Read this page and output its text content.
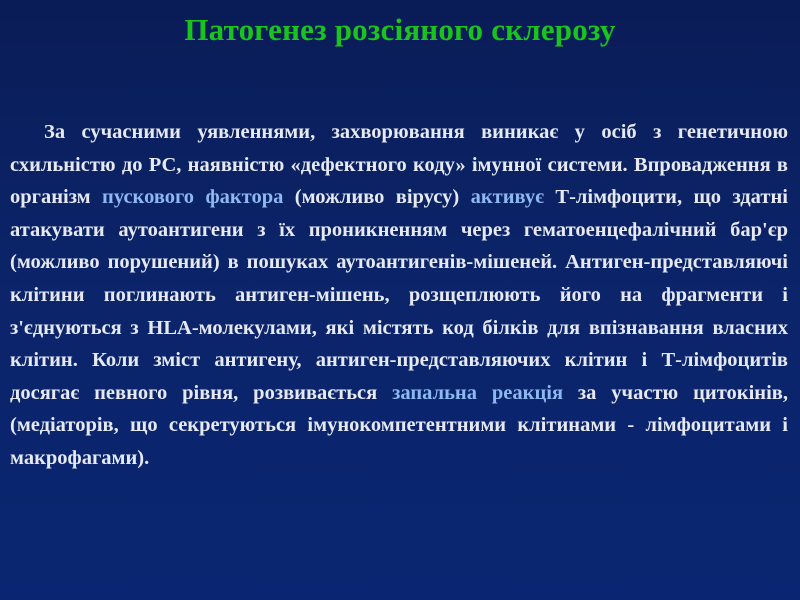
Патогенез розсіяного склерозу

За сучасними уявленнями, захворювання виникає у осіб з генетичною схильністю до РС, наявністю «дефектного коду» імунної системи. Впровадження в організм пускового фактора (можливо вірусу) активує Т-лімфоцити, що здатні атакувати аутоантигени з їх проникненням через гематоенцефалічний бар'єр (можливо порушений) в пошуках аутоантигенів-мішеней. Антиген-представляючі клітини поглинають антиген-мішень, розщеплюють його на фрагменти і з'єднуються з HLA-молекулами, які містять код білків для впізнавання власних клітин. Коли зміст антигену, антиген-представляючих клітин і Т-лімфоцитів досягає певного рівня, розвивається запальна реакція за участю цитокінів, (медіаторів, що секретуються імунокомпетентними клітинами - лімфоцитами і макрофагами).
